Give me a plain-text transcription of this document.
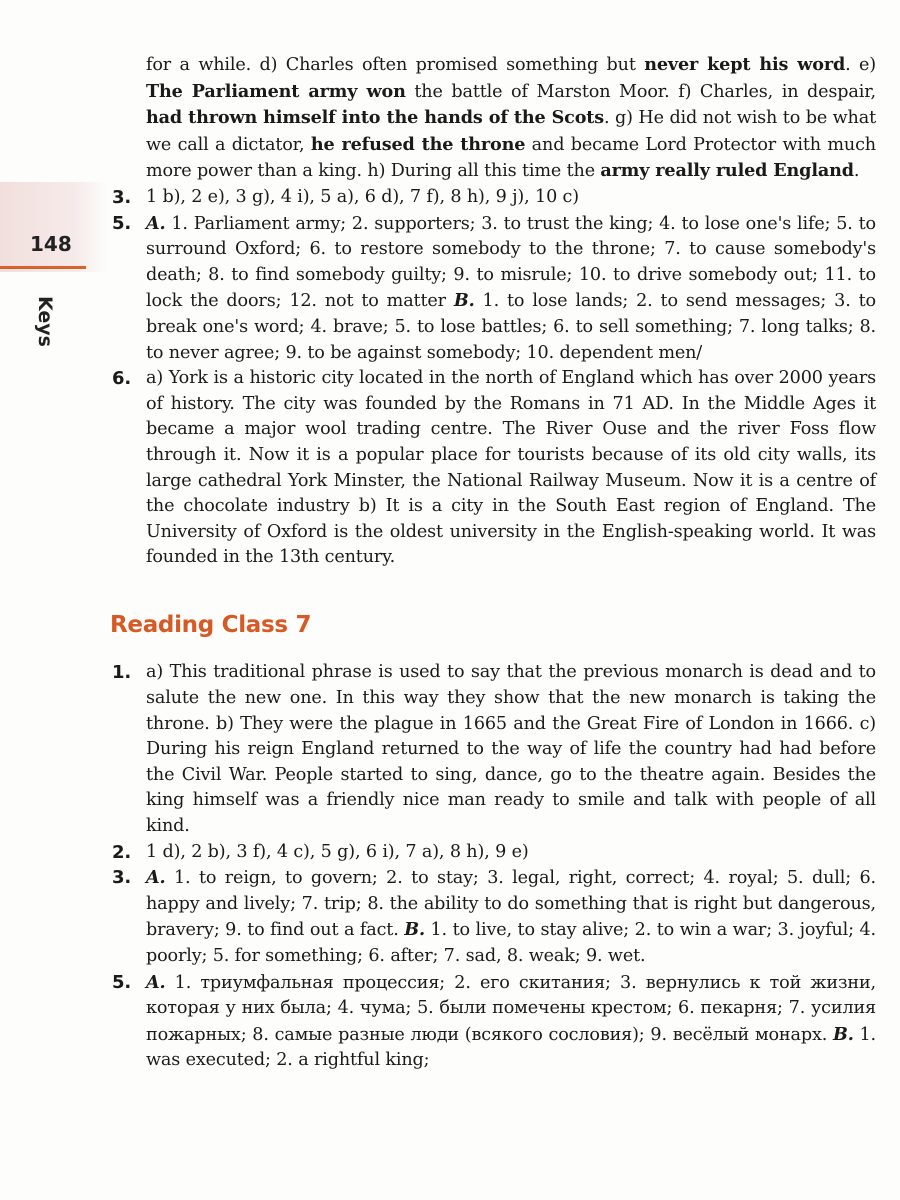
148
Keys
for a while. d) Charles often promised something but never kept his word. e) The Parliament army won the battle of Marston Moor. f) Charles, in despair, had thrown himself into the hands of the Scots. g) He did not wish to be what we call a dictator, he refused the throne and became Lord Protector with much more power than a king. h) During all this time the army really ruled England.
3. 1 b), 2 e), 3 g), 4 i), 5 a), 6 d), 7 f), 8 h), 9 j), 10 c)
5. A. 1. Parliament army; 2. supporters; 3. to trust the king; 4. to lose one's life; 5. to surround Oxford; 6. to restore somebody to the throne; 7. to cause somebody's death; 8. to find somebody guilty; 9. to misrule; 10. to drive somebody out; 11. to lock the doors; 12. not to matter B. 1. to lose lands; 2. to send messages; 3. to break one's word; 4. brave; 5. to lose battles; 6. to sell something; 7. long talks; 8. to never agree; 9. to be against somebody; 10. dependent men/
6. a) York is a historic city located in the north of England which has over 2000 years of history. The city was founded by the Romans in 71 AD. In the Middle Ages it became a major wool trading centre. The River Ouse and the river Foss flow through it. Now it is a popular place for tourists because of its old city walls, its large cathedral York Minster, the National Railway Museum. Now it is a centre of the chocolate industry b) It is a city in the South East region of England. The University of Oxford is the oldest university in the English-speaking world. It was founded in the 13th century.
Reading Class 7
1. a) This traditional phrase is used to say that the previous monarch is dead and to salute the new one. In this way they show that the new monarch is taking the throne. b) They were the plague in 1665 and the Great Fire of London in 1666. c) During his reign England returned to the way of life the country had had before the Civil War. People started to sing, dance, go to the theatre again. Besides the king himself was a friendly nice man ready to smile and talk with people of all kind.
2. 1 d), 2 b), 3 f), 4 c), 5 g), 6 i), 7 a), 8 h), 9 e)
3. A. 1. to reign, to govern; 2. to stay; 3. legal, right, correct; 4. royal; 5. dull; 6. happy and lively; 7. trip; 8. the ability to do something that is right but dangerous, bravery; 9. to find out a fact. B. 1. to live, to stay alive; 2. to win a war; 3. joyful; 4. poorly; 5. for something; 6. after; 7. sad, 8. weak; 9. wet.
5. A. 1. триумфальная процессия; 2. его скитания; 3. вернулись к той жизни, которая у них была; 4. чума; 5. были помечены крестом; 6. пекарня; 7. усилия пожарных; 8. самые разные люди (всякого сословия); 9. весёлый монарх. B. 1. was executed; 2. a rightful king;
